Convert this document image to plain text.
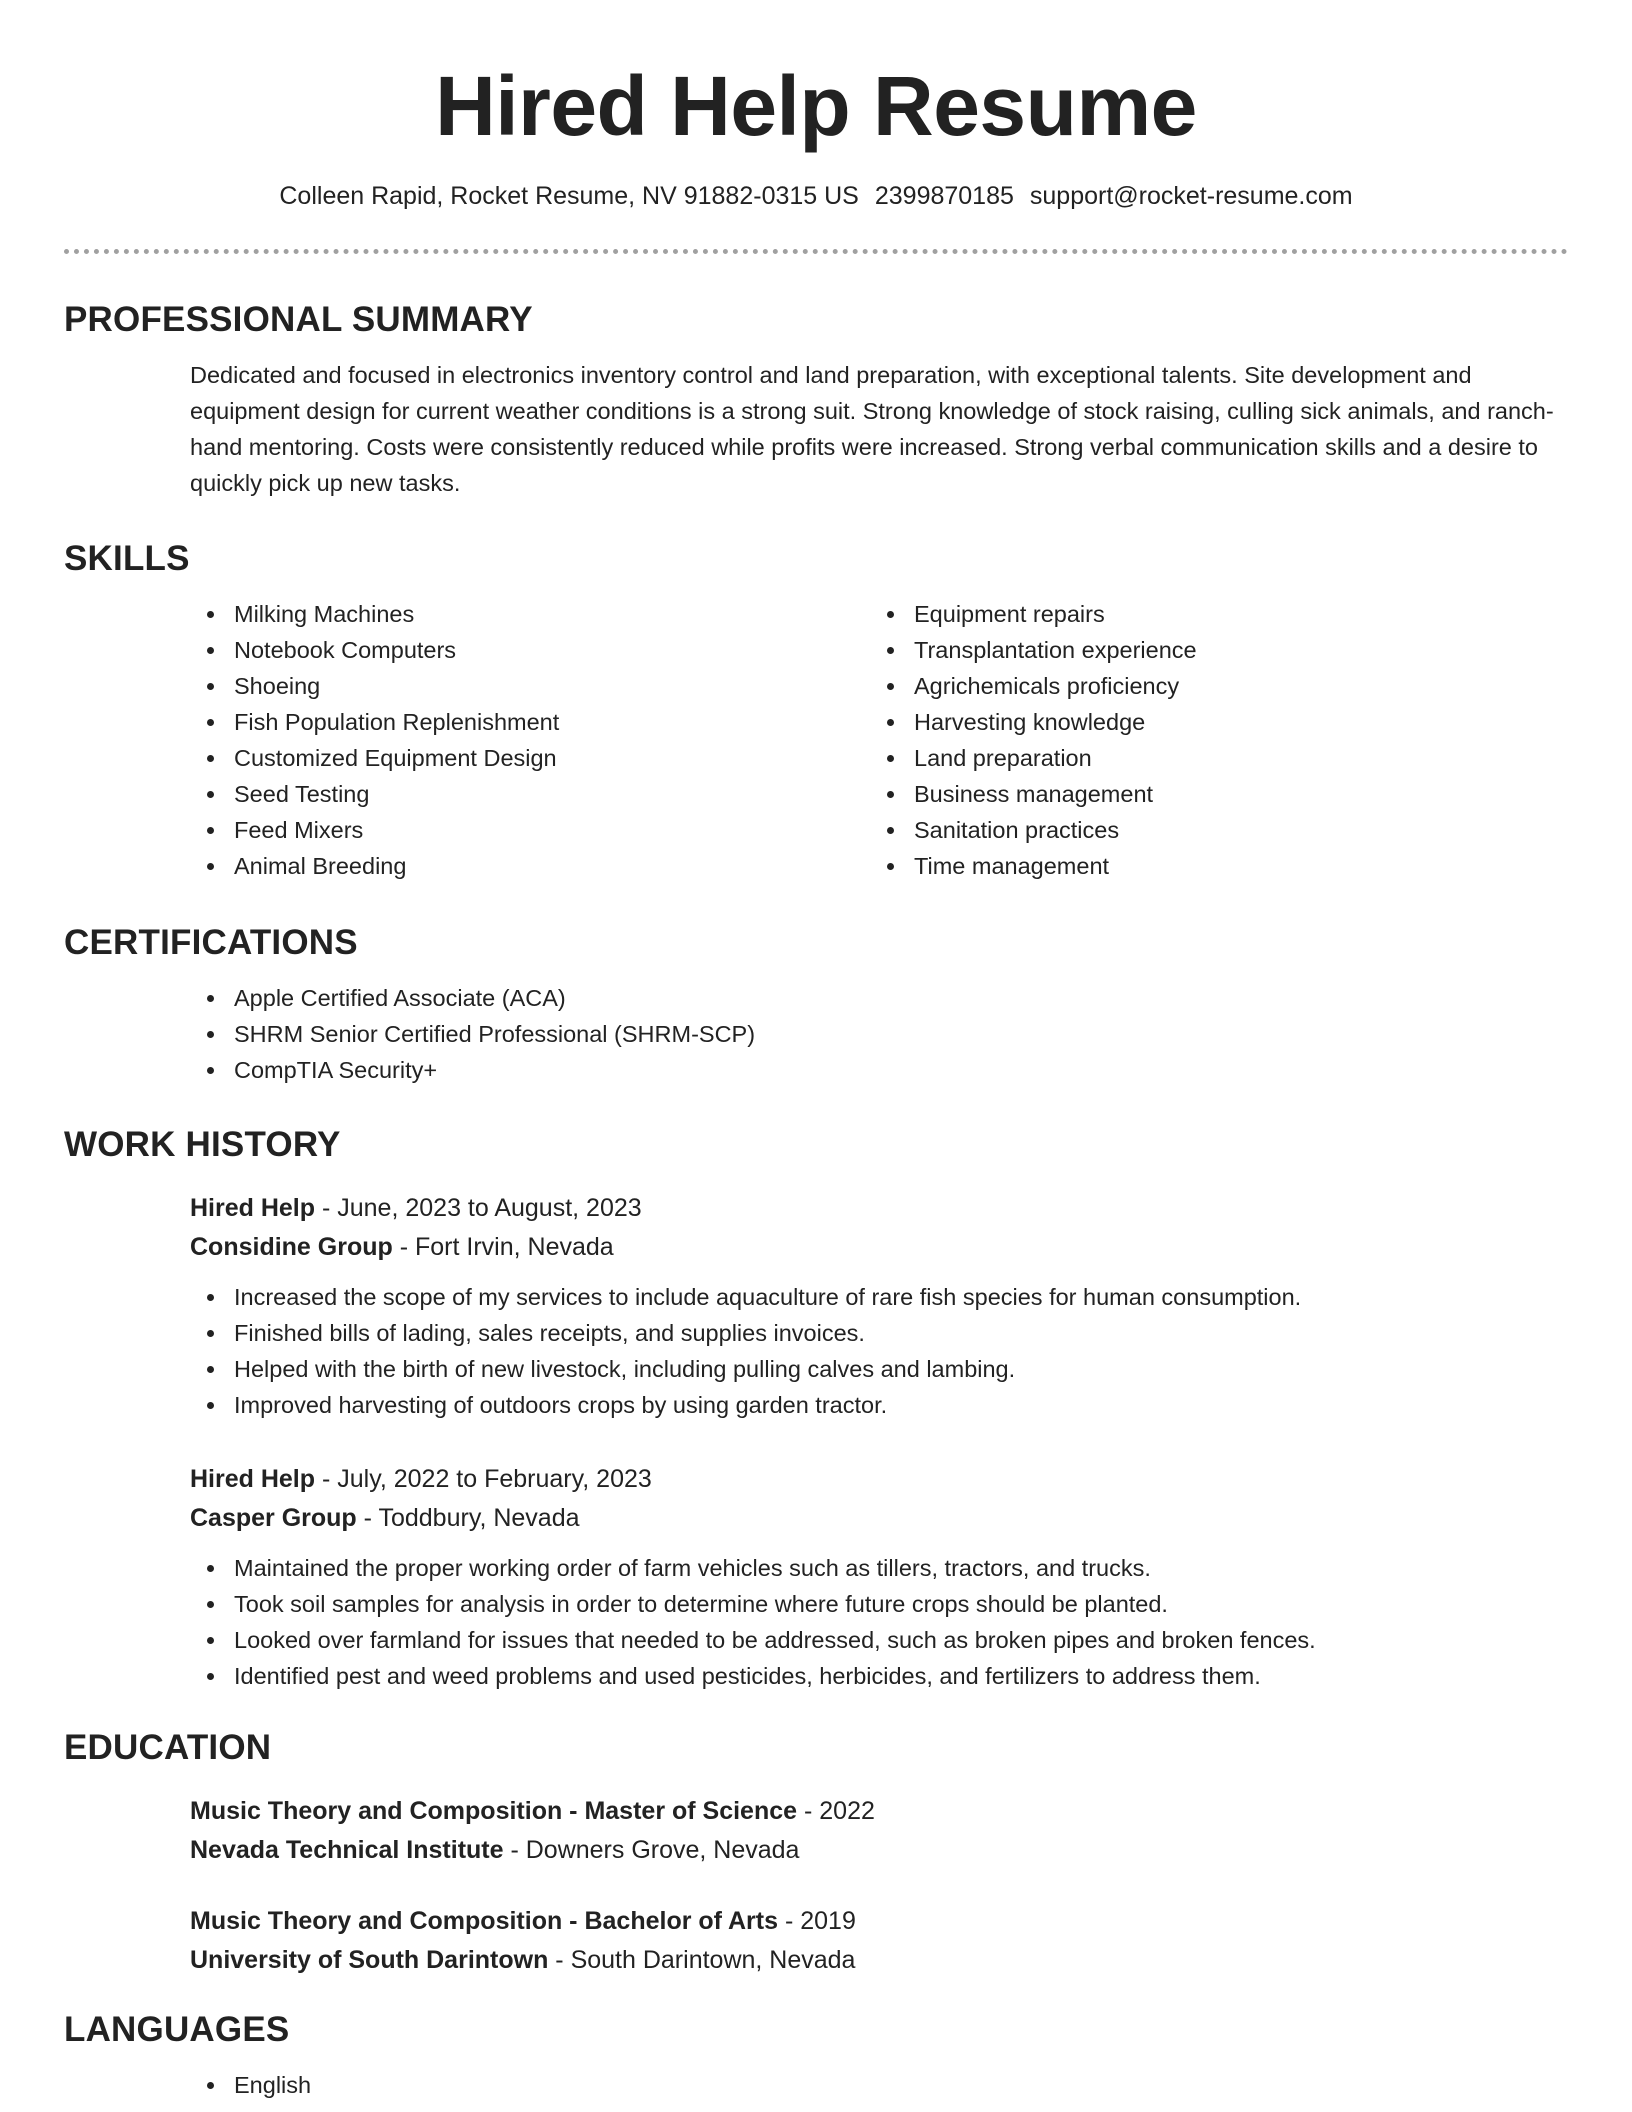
Hired Help Resume
Colleen Rapid, Rocket Resume, NV 91882-0315 US 2399870185 support@rocket-resume.com
PROFESSIONAL SUMMARY
Dedicated and focused in electronics inventory control and land preparation, with exceptional talents. Site development and equipment design for current weather conditions is a strong suit. Strong knowledge of stock raising, culling sick animals, and ranch-hand mentoring. Costs were consistently reduced while profits were increased. Strong verbal communication skills and a desire to quickly pick up new tasks.
SKILLS
Milking Machines
Notebook Computers
Shoeing
Fish Population Replenishment
Customized Equipment Design
Seed Testing
Feed Mixers
Animal Breeding
Equipment repairs
Transplantation experience
Agrichemicals proficiency
Harvesting knowledge
Land preparation
Business management
Sanitation practices
Time management
CERTIFICATIONS
Apple Certified Associate (ACA)
SHRM Senior Certified Professional (SHRM-SCP)
CompTIA Security+
WORK HISTORY
Hired Help - June, 2023 to August, 2023
Considine Group - Fort Irvin, Nevada
Increased the scope of my services to include aquaculture of rare fish species for human consumption.
Finished bills of lading, sales receipts, and supplies invoices.
Helped with the birth of new livestock, including pulling calves and lambing.
Improved harvesting of outdoors crops by using garden tractor.
Hired Help - July, 2022 to February, 2023
Casper Group - Toddbury, Nevada
Maintained the proper working order of farm vehicles such as tillers, tractors, and trucks.
Took soil samples for analysis in order to determine where future crops should be planted.
Looked over farmland for issues that needed to be addressed, such as broken pipes and broken fences.
Identified pest and weed problems and used pesticides, herbicides, and fertilizers to address them.
EDUCATION
Music Theory and Composition - Master of Science - 2022
Nevada Technical Institute - Downers Grove, Nevada
Music Theory and Composition - Bachelor of Arts - 2019
University of South Darintown - South Darintown, Nevada
LANGUAGES
English
